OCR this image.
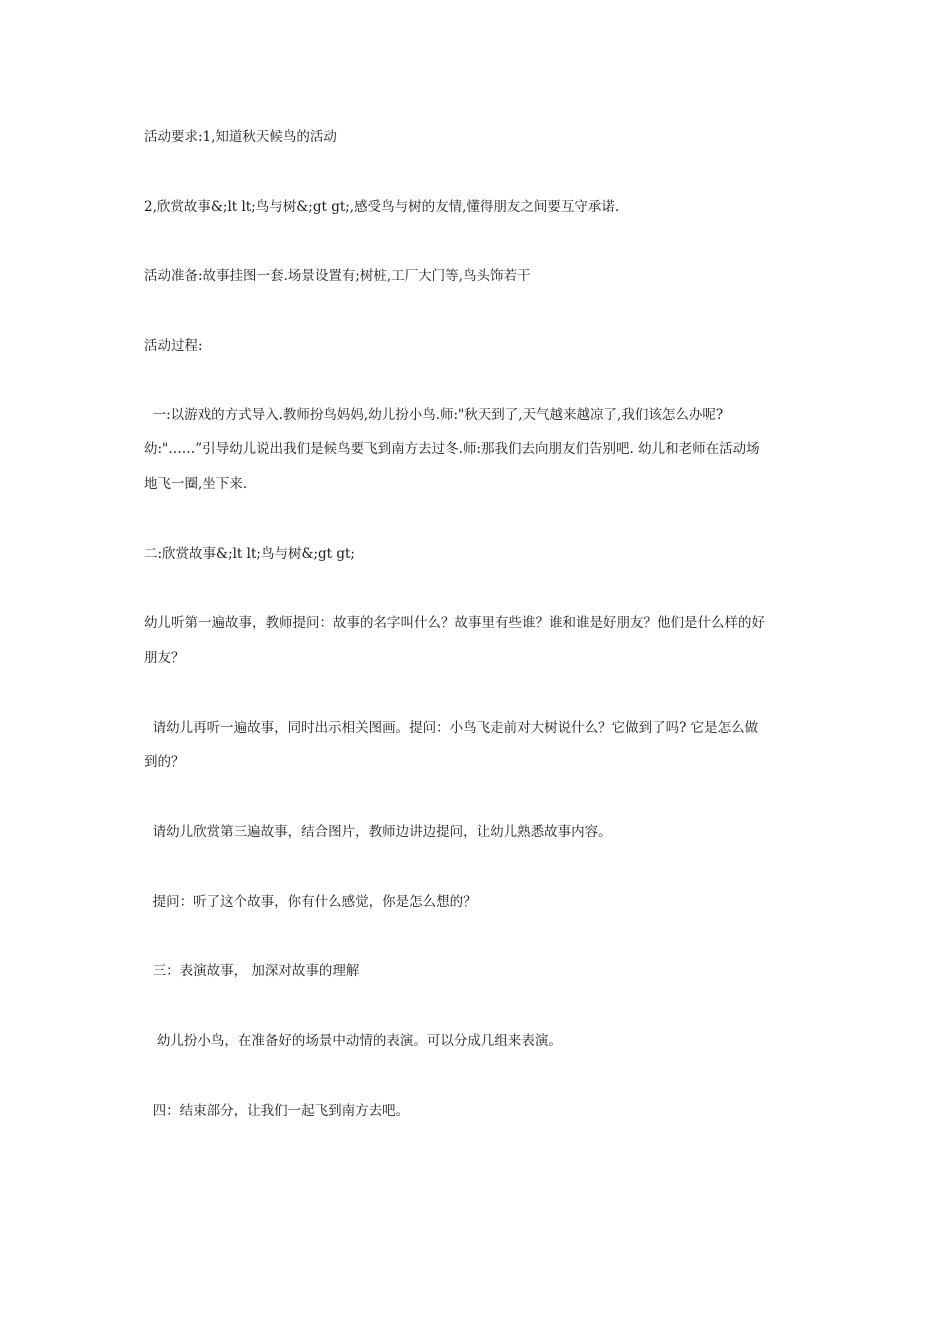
活动要求:1,知道秋天候鸟的活动
2,欣赏故事&;lt lt;鸟与树&;gt gt;,感受鸟与树的友情,懂得朋友之间要互守承诺.
活动准备:故事挂图一套.场景设置有;树桩,工厂大门等,鸟头饰若干
活动过程:
一:以游戏的方式导入.教师扮鸟妈妈,幼儿扮小鸟.师:"秋天到了,天气越来越凉了,我们该怎么办呢?
幼:"……”引导幼儿说出我们是候鸟要飞到南方去过冬.师:那我们去向朋友们告别吧. 幼儿和老师在活动场
地飞一圈,坐下来.
二:欣赏故事&;lt lt;鸟与树&;gt gt;
幼儿听第一遍故事，教师提问：故事的名字叫什么？故事里有些谁？谁和谁是好朋友？他们是什么样的好
朋友？
请幼儿再听一遍故事，同时出示相关图画。提问：小鸟飞走前对大树说什么？它做到了吗? 它是怎么做
到的？
请幼儿欣赏第三遍故事，结合图片，教师边讲边提问，让幼儿熟悉故事内容。
提问：听了这个故事，你有什么感觉，你是怎么想的？
三：表演故事， 加深对故事的理解
幼儿扮小鸟，在准备好的场景中动情的表演。可以分成几组来表演。
四：结束部分，让我们一起飞到南方去吧。
